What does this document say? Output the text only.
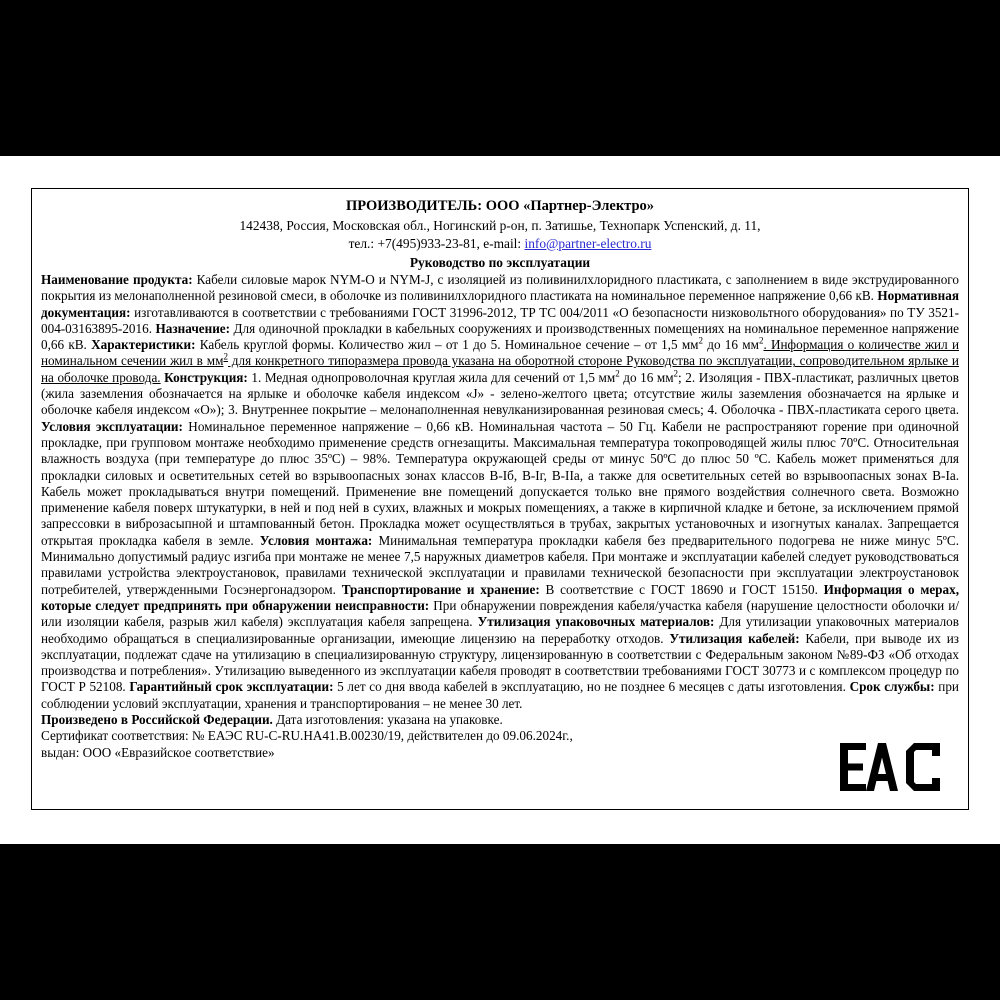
ПРОИЗВОДИТЕЛЬ: ООО «Партнер-Электро»
142438, Россия, Московская обл., Ногинский р-он, п. Затишье, Технопарк Успенский, д. 11,
тел.: +7(495)933-23-81, e-mail: info@partner-electro.ru
Руководство по эксплуатации
Наименование продукта: Кабели силовые марок NYM-O и NYM-J, с изоляцией из поливинилхлоридного пластиката, с заполнением в виде экструдированного покрытия из мелонаполненной резиновой смеси, в оболочке из поливинилхлоридного пластиката на номинальное переменное напряжение 0,66 кВ. Нормативная документация: изготавливаются в соответствии с требованиями ГОСТ 31996-2012, ТР ТС 004/2011 «О безопасности низковольтного оборудования» по ТУ 3521-004-03163895-2016. Назначение: Для одиночной прокладки в кабельных сооружениях и производственных помещениях на номинальное переменное напряжение 0,66 кВ. Характеристики: Кабель круглой формы. Количество жил – от 1 до 5. Номинальное сечение – от 1,5 $мм^2$ до 16 $мм^2$. Информация о количестве жил и номинальном сечении жил в $мм^2$ для конкретного типоразмера провода указана на оборотной стороне Руководства по эксплуатации, сопроводительном ярлыке и на оболочке провода. Конструкция: 1. Медная однопроволочная круглая жила для сечений от 1,5 $мм^2$ до 16 $мм^2$; 2. Изоляция - ПВХ-пластикат, различных цветов (жила заземления обозначается на ярлыке и оболочке кабеля индексом «J» - зелено-желтого цвета; отсутствие жилы заземления обозначается на ярлыке и оболочке кабеля индексом «О»); 3. Внутреннее покрытие – мелонаполненная невулканизированная резиновая смесь; 4. Оболочка - ПВХ-пластиката серого цвета. Условия эксплуатации: Номинальное переменное напряжение – 0,66 кВ. Номинальная частота – 50 Гц. Кабели не распространяют горение при одиночной прокладке, при групповом монтаже необходимо применение средств огнезащиты. Максимальная температура токопроводящей жилы плюс 70ºС. Относительная влажность воздуха (при температуре до плюс 35ºС) – 98%. Температура окружающей среды от минус 50ºС до плюс 50 ºС. Кабель может применяться для прокладки силовых и осветительных сетей во взрывоопасных зонах классов В-Iб, В-Iг, В-IIа, а также для осветительных сетей во взрывоопасных зонах В-Iа. Кабель может прокладываться внутри помещений. Применение вне помещений допускается только вне прямого воздействия солнечного света. Возможно применение кабеля поверх штукатурки, в ней и под ней в сухих, влажных и мокрых помещениях, а также в кирпичной кладке и бетоне, за исключением прямой запрессовки в виброзасыпной и штампованный бетон. Прокладка может осуществляться в трубах, закрытых установочных и изогнутых каналах. Запрещается открытая прокладка кабеля в земле. Условия монтажа: Минимальная температура прокладки кабеля без предварительного подогрева не ниже минус 5ºС. Минимально допустимый радиус изгиба при монтаже не менее 7,5 наружных диаметров кабеля. При монтаже и эксплуатации кабелей следует руководствоваться правилами устройства электроустановок, правилами технической эксплуатации и правилами технической безопасности при эксплуатации электроустановок потребителей, утвержденными Госэнергонадзором. Транспортирование и хранение: В соответствие с ГОСТ 18690 и ГОСТ 15150. Информация о мерах, которые следует предпринять при обнаружении неисправности: При обнаружении повреждения кабеля/участка кабеля (нарушение целостности оболочки и/или изоляции кабеля, разрыв жил кабеля) эксплуатация кабеля запрещена. Утилизация упаковочных материалов: Для утилизации упаковочных материалов необходимо обращаться в специализированные организации, имеющие лицензию на переработку отходов. Утилизация кабелей: Кабели, при выводе их из эксплуатации, подлежат сдаче на утилизацию в специализированную структуру, лицензированную в соответствии с Федеральным законом №89-ФЗ «Об отходах производства и потребления». Утилизацию выведенного из эксплуатации кабеля проводят в соответствии требованиями ГОСТ 30773 и с комплексом процедур по ГОСТ Р 52108. Гарантийный срок эксплуатации: 5 лет со дня ввода кабелей в эксплуатацию, но не позднее 6 месяцев с даты изготовления. Срок службы: при соблюдении условий эксплуатации, хранения и транспортирования – не менее 30 лет.
Произведено в Российской Федерации. Дата изготовления: указана на упаковке.
Сертификат соответствия: № ЕАЭС RU-C-RU.НА41.В.00230/19, действителен до 09.06.2024г.,
выдан: ООО «Евразийское соответствие»
